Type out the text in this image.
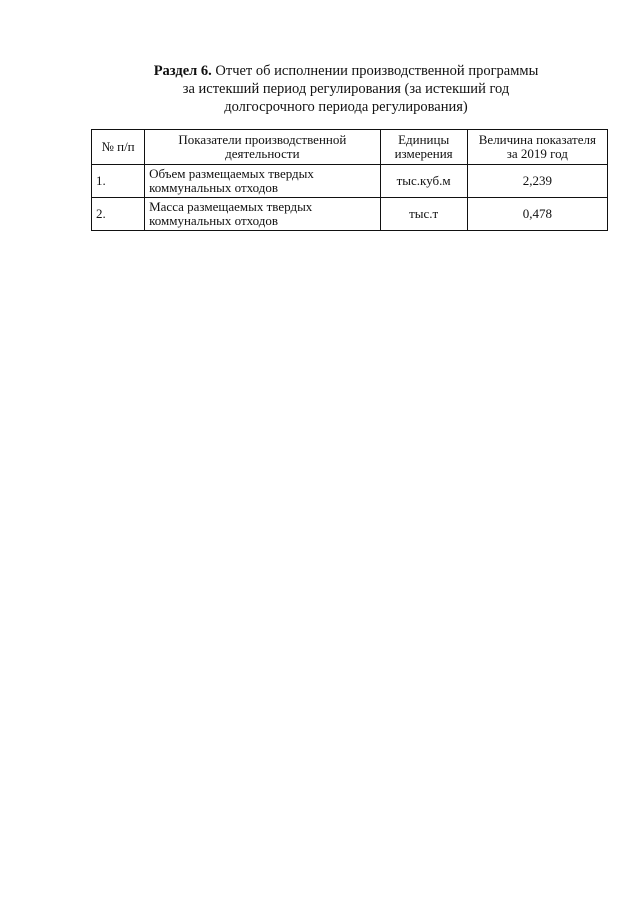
Раздел 6. Отчет об исполнении производственной программы
за истекший период регулирования (за истекший год
долгосрочного периода регулирования)
№ п/п	Показатели производственной деятельности	Единицы измерения	Величина показателя за 2019 год
1.	Объем размещаемых твердых коммунальных отходов	тыс.куб.м	2,239
2.	Масса размещаемых твердых коммунальных отходов	тыс.т	0,478
